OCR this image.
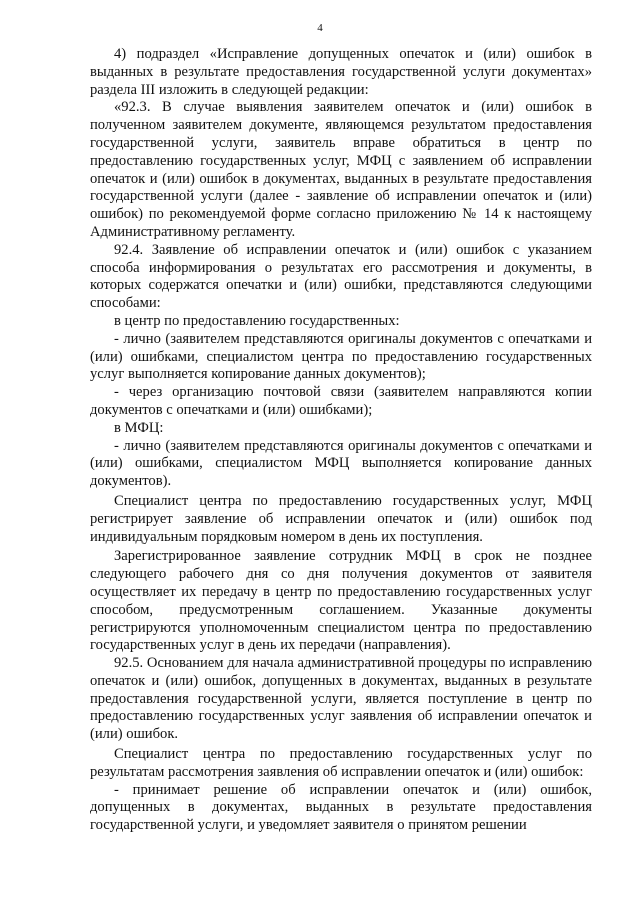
4

4) подраздел «Исправление допущенных опечаток и (или) ошибок в выданных в результате предоставления государственной услуги документах» раздела III изложить в следующей редакции:

«92.3. В случае выявления заявителем опечаток и (или) ошибок в полученном заявителем документе, являющемся результатом предоставления государственной услуги, заявитель вправе обратиться в центр по предоставлению государственных услуг, МФЦ с заявлением об исправлении опечаток и (или) ошибок в документах, выданных в результате предоставления государственной услуги (далее - заявление об исправлении опечаток и (или) ошибок) по рекомендуемой форме согласно приложению № 14 к настоящему Административному регламенту.

92.4. Заявление об исправлении опечаток и (или) ошибок с указанием способа информирования о результатах его рассмотрения и документы, в которых содержатся опечатки и (или) ошибки, представляются следующими способами:

в центр по предоставлению государственных:

- лично (заявителем представляются оригиналы документов с опечатками и (или) ошибками, специалистом центра по предоставлению государственных услуг выполняется копирование данных документов);

- через организацию почтовой связи (заявителем направляются копии документов с опечатками и (или) ошибками);

в МФЦ:

- лично (заявителем представляются оригиналы документов с опечатками и (или) ошибками, специалистом МФЦ выполняется копирование данных документов).

Специалист центра по предоставлению государственных услуг, МФЦ регистрирует заявление об исправлении опечаток и (или) ошибок под индивидуальным порядковым номером в день их поступления.

Зарегистрированное заявление сотрудник МФЦ в срок не позднее следующего рабочего дня со дня получения документов от заявителя осуществляет их передачу в центр по предоставлению государственных услуг способом, предусмотренным соглашением. Указанные документы регистрируются уполномоченным специалистом центра по предоставлению государственных услуг в день их передачи (направления).

92.5. Основанием для начала административной процедуры по исправлению опечаток и (или) ошибок, допущенных в документах, выданных в результате предоставления государственной услуги, является поступление в центр по предоставлению государственных услуг заявления об исправлении опечаток и (или) ошибок.

Специалист центра по предоставлению государственных услуг по результатам рассмотрения заявления об исправлении опечаток и (или) ошибок:

- принимает решение об исправлении опечаток и (или) ошибок, допущенных в документах, выданных в результате предоставления государственной услуги, и уведомляет заявителя о принятом решении
